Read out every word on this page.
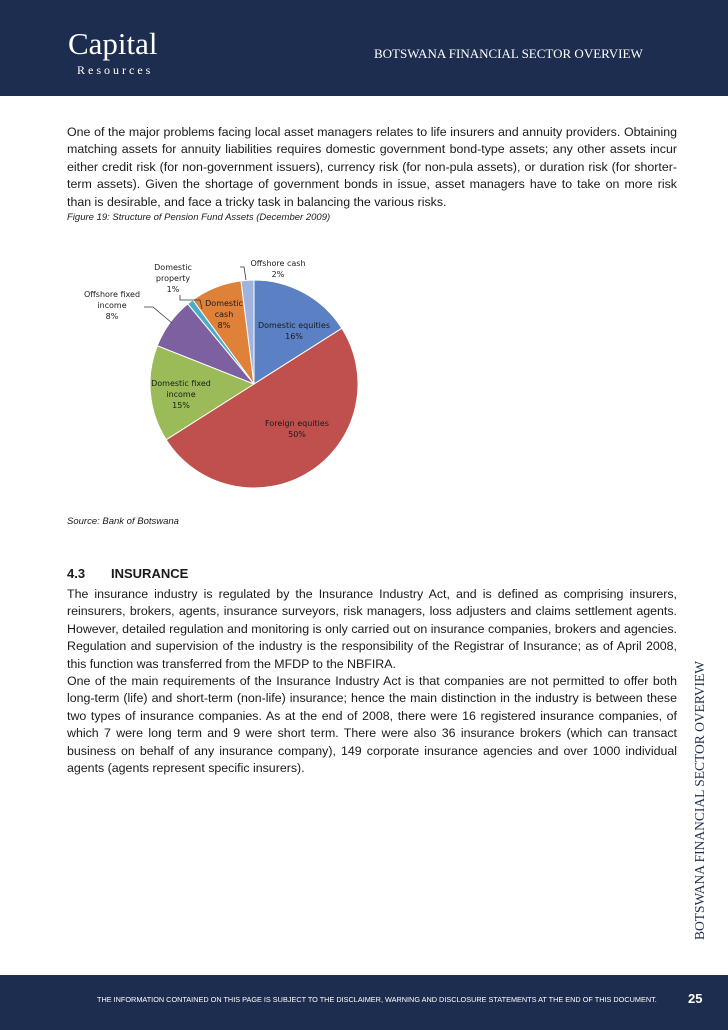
Capital
Resources
BOTSWANA FINANCIAL SECTOR OVERVIEW

One of the major problems facing local asset managers relates to life insurers and annuity providers. Obtaining matching assets for annuity liabilities requires domestic government bond-type assets; any other assets incur either credit risk (for non-government issuers), currency risk (for non-pula assets), or duration risk (for shorter-term assets). Given the shortage of government bonds in issue, asset managers have to take on more risk than is desirable, and face a tricky task in balancing the various risks.

Figure 19: Structure of Pension Fund Assets (December 2009)

Domestic equities 16%
Foreign equities 50%
Domestic fixed income 15%
Offshore fixed income 8%
Domestic property 1%
Domestic cash 8%
Offshore cash 2%

Source: Bank of Botswana

4.3 INSURANCE

The insurance industry is regulated by the Insurance Industry Act, and is defined as comprising insurers, reinsurers, brokers, agents, insurance surveyors, risk managers, loss adjusters and claims settlement agents. However, detailed regulation and monitoring is only carried out on insurance companies, brokers and agencies. Regulation and supervision of the industry is the responsibility of the Registrar of Insurance; as of April 2008, this function was transferred from the MFDP to the NBFIRA.

One of the main requirements of the Insurance Industry Act is that companies are not permitted to offer both long-term (life) and short-term (non-life) insurance; hence the main distinction in the industry is between these two types of insurance companies. As at the end of 2008, there were 16 registered insurance companies, of which 7 were long term and 9 were short term. There were also 36 insurance brokers (which can transact business on behalf of any insurance company), 149 corporate insurance agencies and over 1000 individual agents (agents represent specific insurers).	BOTSWANA FINANCIAL SECTOR OVERVIEW
THE INFORMATION CONTAINED ON THIS PAGE IS SUBJECT TO THE DISCLAIMER, WARNING AND DISCLOSURE STATEMENTS AT THE END OF THIS DOCUMENT. 25
